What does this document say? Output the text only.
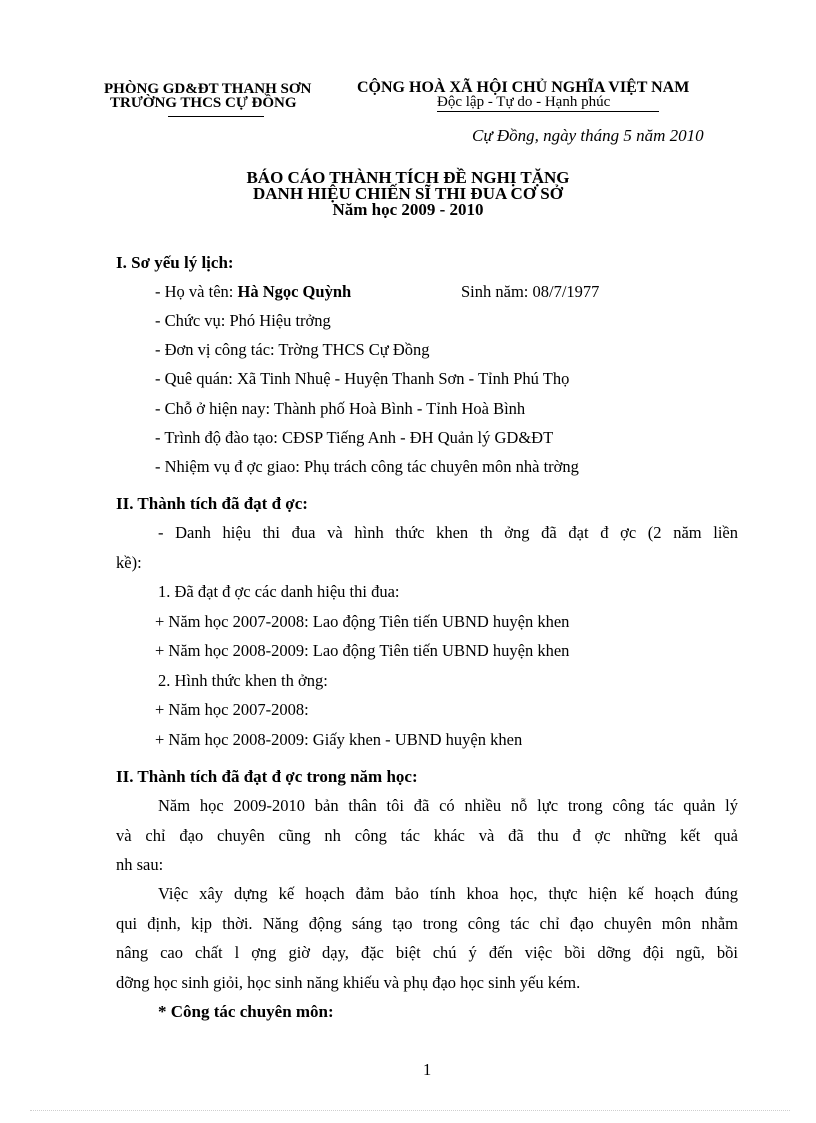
PHÒNG GD&ĐT THANH SƠN
TRƯỜNG THCS CỰ ĐỒNG
CỘNG HOÀ XÃ HỘI CHỦ NGHĨA VIỆT NAM
Độc lập - Tự do - Hạnh phúc
Cự Đồng, ngày tháng 5 năm 2010
BÁO CÁO THÀNH TÍCH ĐỀ NGHỊ TẶNG
DANH HIỆU CHIẾN SĨ THI ĐUA CƠ SỞ
Năm học 2009 - 2010
I. Sơ yếu lý lịch:
- Họ và tên: Hà Ngọc Quỳnh	Sinh năm: 08/7/1977
- Chức vụ: Phó Hiệu trởng
- Đơn vị công tác: Trờng THCS Cự Đồng
- Quê quán: Xã Tinh Nhuệ - Huyện Thanh Sơn - Tỉnh Phú Thọ
- Chỗ ở hiện nay: Thành phố Hoà Bình - Tỉnh Hoà Bình
- Trình độ đào tạo: CĐSP Tiếng Anh - ĐH Quản lý GD&ĐT
- Nhiệm vụ đ ợc giao: Phụ trách công tác chuyên môn nhà trờng
II. Thành tích đã đạt đ ợc:
- Danh hiệu thi đua và hình thức khen th ởng đã đạt đ ợc (2 năm liền
kề):
1. Đã đạt đ ợc các danh hiệu thi đua:
+ Năm học 2007-2008: Lao động Tiên tiến UBND huyện khen
+ Năm học 2008-2009: Lao động Tiên tiến UBND huyện khen
2. Hình thức khen th ởng:
+ Năm học 2007-2008:
+ Năm học 2008-2009: Giấy khen - UBND huyện khen
II. Thành tích đã đạt đ ợc trong năm học:
Năm học 2009-2010 bản thân tôi đã có nhiều nỗ lực trong công tác quản lý
và chỉ đạo chuyên cũng nh công tác khác và đã thu đ ợc những kết quả
nh sau:
Việc xây dựng kế hoạch đảm bảo tính khoa học, thực hiện kế hoạch đúng
qui định, kịp thời. Năng động sáng tạo trong công tác chỉ đạo chuyên môn nhằm
nâng cao chất l ợng giờ dạy, đặc biệt chú ý đến việc bồi dỡng đội ngũ, bồi
dỡng học sinh giỏi, học sinh năng khiếu và phụ đạo học sinh yếu kém.
* Công tác chuyên môn:
1
